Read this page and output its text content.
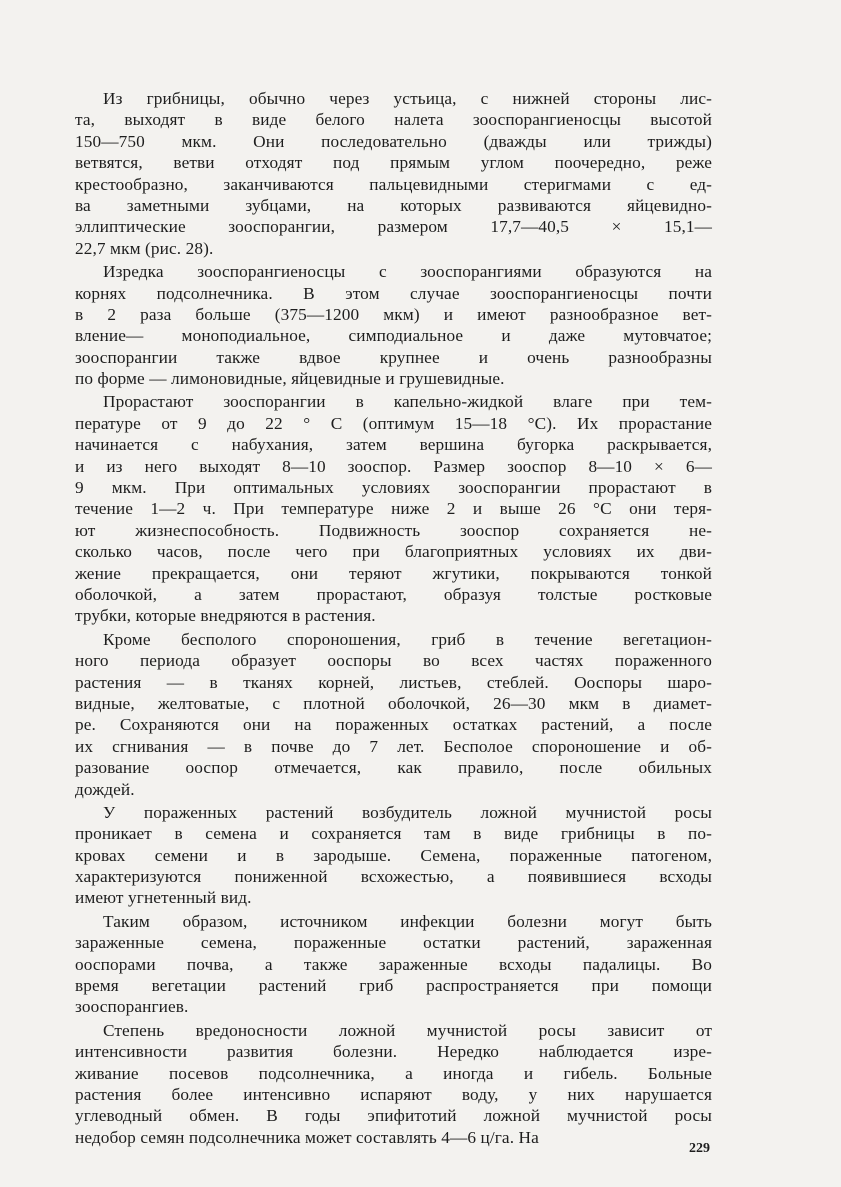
Из грибницы, обычно через устьица, с нижней стороны лис-
та, выходят в виде белого налета зооспорангиеносцы высотой
150—750 мкм. Они последовательно (дважды или трижды)
ветвятся, ветви отходят под прямым углом поочередно, реже
крестообразно, заканчиваются пальцевидными стеригмами с ед-
ва заметными зубцами, на которых развиваются яйцевидно-
эллиптические зооспорангии, размером 17,7—40,5 × 15,1—
22,7 мкм (рис. 28).
Изредка зооспорангиеносцы с зооспорангиями образуются на
корнях подсолнечника. В этом случае зооспорангиеносцы почти
в 2 раза больше (375—1200 мкм) и имеют разнообразное вет-
вление— моноподиальное, симподиальное и даже мутовчатое;
зооспорангии также вдвое крупнее и очень разнообразны
по форме — лимоновидные, яйцевидные и грушевидные.
Прорастают зооспорангии в капельно-жидкой влаге при тем-
пературе от 9 до 22 ° С (оптимум 15—18 °С). Их прорастание
начинается с набухания, затем вершина бугорка раскрывается,
и из него выходят 8—10 зооспор. Размер зооспор 8—10 × 6—
9 мкм. При оптимальных условиях зооспорангии прорастают в
течение 1—2 ч. При температуре ниже 2 и выше 26 °С они теря-
ют жизнеспособность. Подвижность зооспор сохраняется не-
сколько часов, после чего при благоприятных условиях их дви-
жение прекращается, они теряют жгутики, покрываются тонкой
оболочкой, а затем прорастают, образуя толстые ростковые
трубки, которые внедряются в растения.
Кроме бесполого спороношения, гриб в течение вегетацион-
ного периода образует ооспоры во всех частях пораженного
растения — в тканях корней, листьев, стеблей. Ооспоры шаро-
видные, желтоватые, с плотной оболочкой, 26—30 мкм в диамет-
ре. Сохраняются они на пораженных остатках растений, а после
их сгнивания — в почве до 7 лет. Бесполое спороношение и об-
разование ооспор отмечается, как правило, после обильных
дождей.
У пораженных растений возбудитель ложной мучнистой росы
проникает в семена и сохраняется там в виде грибницы в по-
кровах семени и в зародыше. Семена, пораженные патогеном,
характеризуются пониженной всхожестью, а появившиеся всходы
имеют угнетенный вид.
Таким образом, источником инфекции болезни могут быть
зараженные семена, пораженные остатки растений, зараженная
ооспорами почва, а также зараженные всходы падалицы. Во
время вегетации растений гриб распространяется при помощи
зооспорангиев.
Степень вредоносности ложной мучнистой росы зависит от
интенсивности развития болезни. Нередко наблюдается изре-
живание посевов подсолнечника, а иногда и гибель. Больные
растения более интенсивно испаряют воду, у них нарушается
углеводный обмен. В годы эпифитотий ложной мучнистой росы
недобор семян подсолнечника может составлять 4—6 ц/га. На
229
